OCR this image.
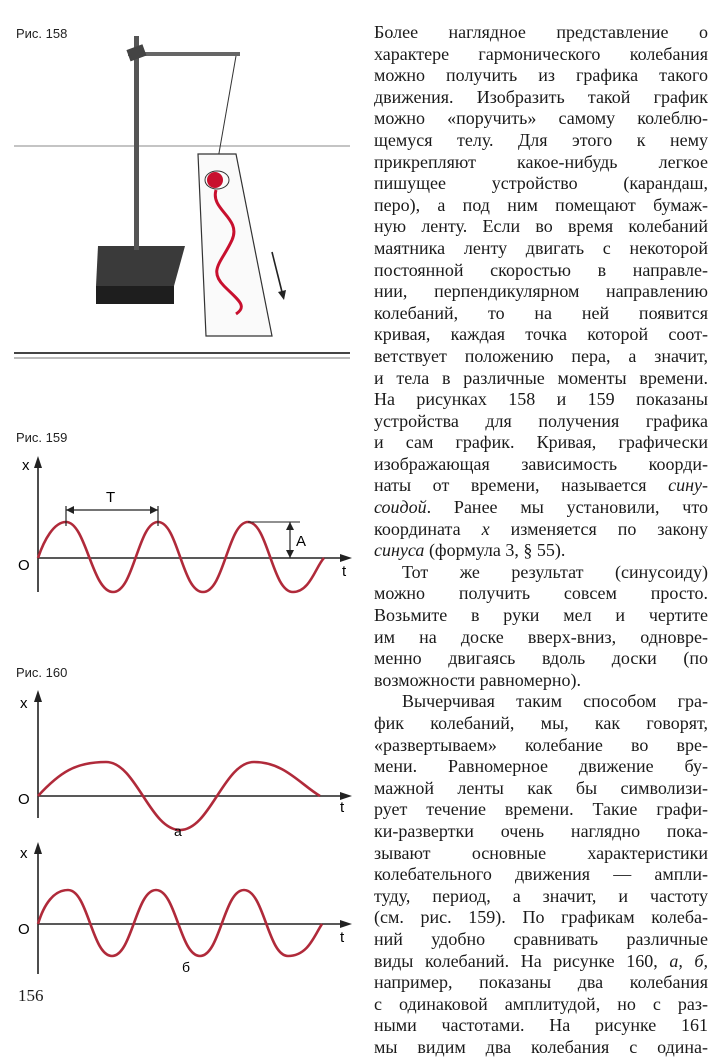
Рис. 158
Рис. 159
x
O	t
T
A
Рис. 160
x
O	t
а
x
O	t
б
Более наглядное представление о
характере гармонического колебания
можно получить из графика такого
движения. Изобразить такой график
можно «поручить» самому колеблю-
щемуся телу. Для этого к нему
прикрепляют какое-нибудь легкое
пишущее устройство (карандаш,
перо), а под ним помещают бумаж-
ную ленту. Если во время колебаний
маятника ленту двигать с некоторой
постоянной скоростью в направле-
нии, перпендикулярном направлению
колебаний, то на ней появится
кривая, каждая точка которой соот-
ветствует положению пера, а значит,
и тела в различные моменты времени.
На рисунках 158 и 159 показаны
устройства для получения графика
и сам график. Кривая, графически
изображающая зависимость коорди-
наты от времени, называется сину-
соидой. Ранее мы установили, что
координата x изменяется по закону
синуса (формула 3, § 55).
Тот же результат (синусоиду)
можно получить совсем просто.
Возьмите в руки мел и чертите
им на доске вверх-вниз, одновре-
менно двигаясь вдоль доски (по
возможности равномерно).
Вычерчивая таким способом гра-
фик колебаний, мы, как говорят,
«развертываем» колебание во вре-
мени. Равномерное движение бу-
мажной ленты как бы символизи-
рует течение времени. Такие графи-
ки-развертки очень наглядно пока-
зывают основные характеристики
колебательного движения — ампли-
туду, период, а значит, и частоту
(см. рис. 159). По графикам колеба-
ний удобно сравнивать различные
виды колебаний. На рисунке 160, а, б,
например, показаны два колебания
с одинаковой амплитудой, но с раз-
ными частотами. На рисунке 161
мы видим два колебания с одина-
156
